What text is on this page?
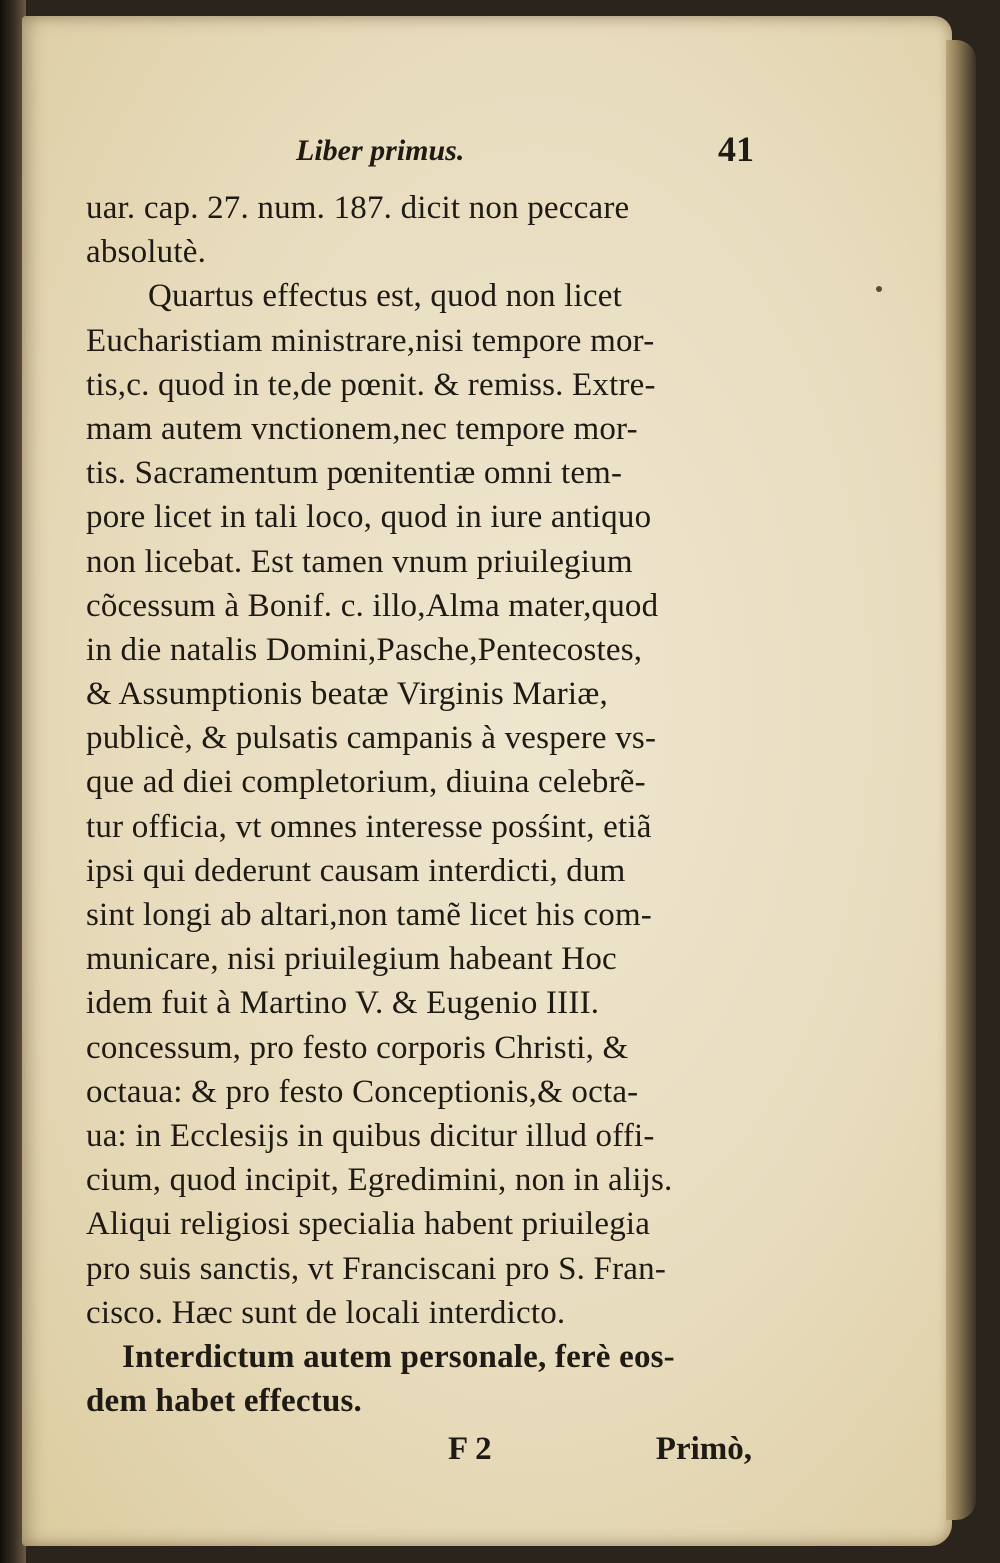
Liber primus.	41
uar. cap. 27. num. 187. dicit non peccare
absolutè.
Quartus effectus est, quod non licet
Eucharistiam ministrare,nisi tempore mor-
tis,c. quod in te,de pœnit. & remiss. Extre-
mam autem vnctionem,nec tempore mor-
tis. Sacramentum pœnitentiæ omni tem-
pore licet in tali loco, quod in iure antiquo
non licebat. Est tamen vnum priuilegium
cõcessum à Bonif. c. illo,Alma mater,quod
in die natalis Domini,Pasche,Pentecostes,
& Assumptionis beatæ Virginis Mariæ,
publicè, & pulsatis campanis à vespere vs-
que ad diei completorium, diuina celebrẽ-
tur officia, vt omnes interesse posśint, etiã
ipsi qui dederunt causam interdicti, dum
sint longi ab altari,non tamẽ licet his com-
municare, nisi priuilegium habeant Hoc
idem fuit à Martino V. & Eugenio IIII.
concessum, pro festo corporis Christi, &
octaua: & pro festo Conceptionis,& octa-
ua: in Ecclesijs in quibus dicitur illud offi-
cium, quod incipit, Egredimini, non in alijs.
Aliqui religiosi specialia habent priuilegia
pro suis sanctis, vt Franciscani pro S. Fran-
cisco. Hæc sunt de locali interdicto.
Interdictum autem personale, ferè eos-
dem habet effectus.
F 2	Primò,
